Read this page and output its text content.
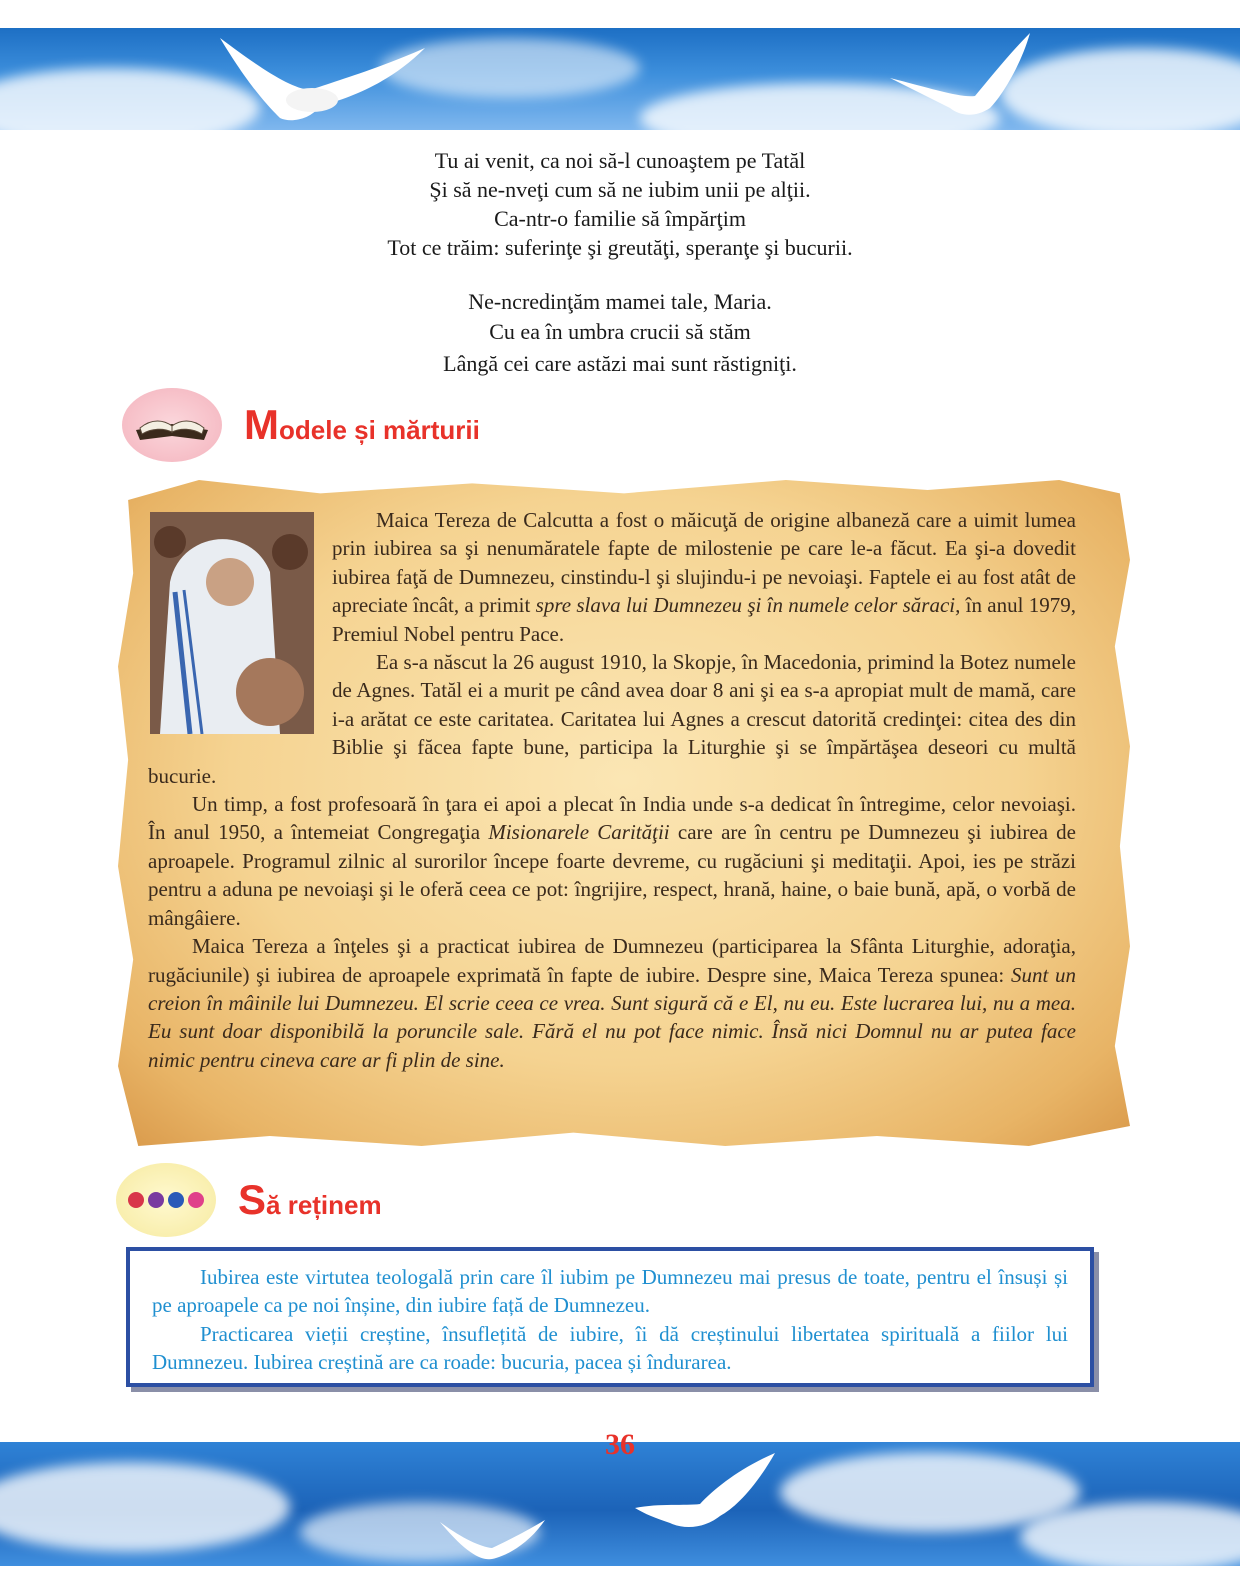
Tu ai venit, ca noi să-l cunoaştem pe Tatăl

Şi să ne-nveţi cum să ne iubim unii pe alţii.

Ca-ntr-o familie să împărţim

Tot ce trăim: suferinţe şi greutăţi, speranţe şi bucurii.

Ne-ncredinţăm mamei tale, Maria.

Cu ea în umbra crucii să stăm

Lângă cei care astăzi mai sunt răstigniţi.

Modele și mărturii

Maica Tereza de Calcutta a fost o măicuţă de origine albaneză care a uimit lumea prin iubirea sa şi nenumăratele fapte de milostenie pe care le-a făcut. Ea şi-a dovedit iubirea faţă de Dumnezeu, cinstindu-l şi slujindu-i pe nevoiaşi. Faptele ei au fost atât de apreciate încât, a primit spre slava lui Dumnezeu şi în numele celor săraci, în anul 1979, Premiul Nobel pentru Pace.

Ea s-a născut la 26 august 1910, la Skopje, în Macedonia, primind la Botez numele de Agnes. Tatăl ei a murit pe când avea doar 8 ani şi ea s-a apropiat mult de mamă, care i-a arătat ce este caritatea. Caritatea lui Agnes a crescut datorită credinţei: citea des din Biblie şi făcea fapte bune, participa la Liturghie şi se împărtăşea deseori cu multă bucurie.

Un timp, a fost profesoară în ţara ei apoi a plecat în India unde s-a dedicat în întregime, celor nevoiaşi. În anul 1950, a întemeiat Congregaţia Misionarele Carităţii care are în centru pe Dumnezeu şi iubirea de aproapele. Programul zilnic al surorilor începe foarte devreme, cu rugăciuni şi meditaţii. Apoi, ies pe străzi pentru a aduna pe nevoiaşi şi le oferă ceea ce pot: îngrijire, respect, hrană, haine, o baie bună, apă, o vorbă de mângâiere.

Maica Tereza a înţeles şi a practicat iubirea de Dumnezeu (participarea la Sfânta Liturghie, adoraţia, rugăciunile) şi iubirea de aproapele exprimată în fapte de iubire. Despre sine, Maica Tereza spunea: Sunt un creion în mâinile lui Dumnezeu. El scrie ceea ce vrea. Sunt sigură că e El, nu eu. Este lucrarea lui, nu a mea. Eu sunt doar disponibilă la poruncile sale. Fără el nu pot face nimic. Însă nici Domnul nu ar putea face nimic pentru cineva care ar fi plin de sine.

Să reținem

Iubirea este virtutea teologală prin care îl iubim pe Dumnezeu mai presus de toate, pentru el însuși și pe aproapele ca pe noi înșine, din iubire față de Dumnezeu.

Practicarea vieții creștine, însuflețită de iubire, îi dă creștinului libertatea spirituală a fiilor lui Dumnezeu. Iubirea creștină are ca roade: bucuria, pacea și îndurarea.

36
